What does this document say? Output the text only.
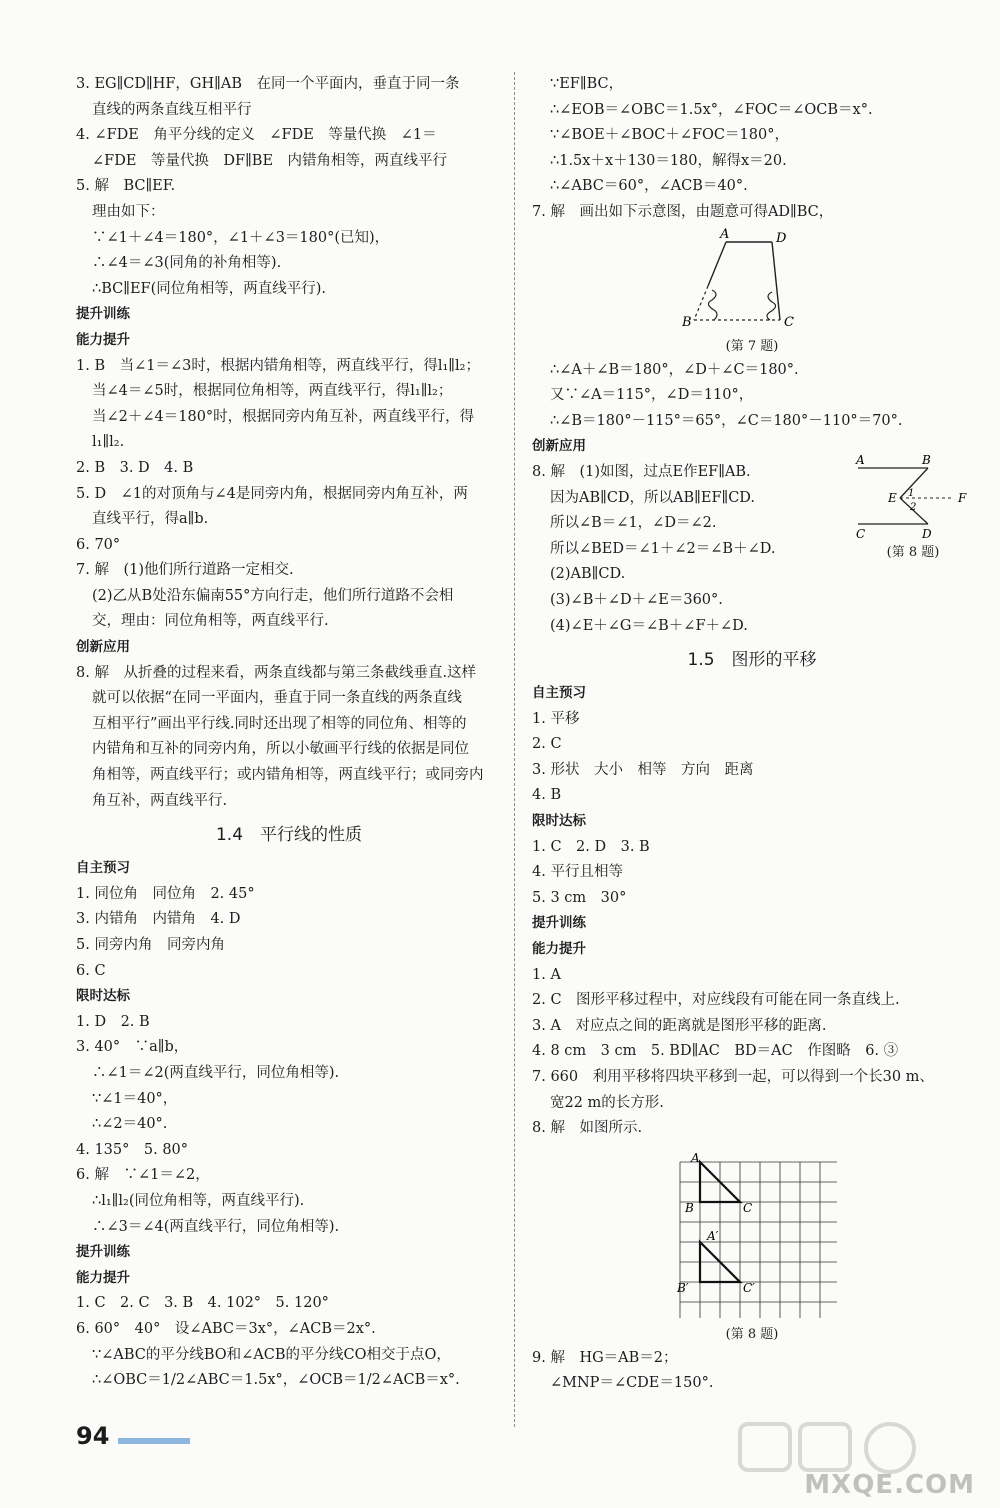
3. EG∥CD∥HF，GH∥AB　在同一个平面内，垂直于同一条
直线的两条直线互相平行
4. ∠FDE　角平分线的定义　∠FDE　等量代换　∠1＝
∠FDE　等量代换　DF∥BE　内错角相等，两直线平行
5. 解　BC∥EF.
理由如下：
∵∠1＋∠4＝180°，∠1＋∠3＝180°(已知)，
∴∠4＝∠3(同角的补角相等).
∴BC∥EF(同位角相等，两直线平行).
提升训练
能力提升
1. B　当∠1＝∠3时，根据内错角相等，两直线平行，得l₁∥l₂；
当∠4＝∠5时，根据同位角相等，两直线平行，得l₁∥l₂；
当∠2＋∠4＝180°时，根据同旁内角互补，两直线平行，得
l₁∥l₂.
2. B　3. D　4. B
5. D　∠1的对顶角与∠4是同旁内角，根据同旁内角互补，两
直线平行，得a∥b.
6. 70°
7. 解　(1)他们所行道路一定相交.
(2)乙从B处沿东偏南55°方向行走，他们所行道路不会相
交，理由：同位角相等，两直线平行.
创新应用
8. 解　从折叠的过程来看，两条直线都与第三条截线垂直.这样
就可以依据“在同一平面内，垂直于同一条直线的两条直线
互相平行”画出平行线.同时还出现了相等的同位角、相等的
内错角和互补的同旁内角，所以小敏画平行线的依据是同位
角相等，两直线平行；或内错角相等，两直线平行；或同旁内
角互补，两直线平行.
1.4　平行线的性质
自主预习
1. 同位角　同位角　2. 45°
3. 内错角　内错角　4. D
5. 同旁内角　同旁内角
6. C
限时达标
1. D　2. B
3. 40°　∵a∥b，
∴∠1＝∠2(两直线平行，同位角相等).
∵∠1＝40°，
∴∠2＝40°.
4. 135°　5. 80°
6. 解　∵∠1＝∠2，
∴l₁∥l₂(同位角相等，两直线平行).
∴∠3＝∠4(两直线平行，同位角相等).
提升训练
能力提升
1. C　2. C　3. B　4. 102°　5. 120°
6. 60°　40°　设∠ABC＝3x°，∠ACB＝2x°.
∵∠ABC的平分线BO和∠ACB的平分线CO相交于点O，
∴∠OBC＝1/2∠ABC＝1.5x°，∠OCB＝1/2∠ACB＝x°.
∵EF∥BC，
∴∠EOB＝∠OBC＝1.5x°，∠FOC＝∠OCB＝x°.
∵∠BOE＋∠BOC＋∠FOC＝180°，
∴1.5x＋x＋130＝180，解得x＝20.
∴∠ABC＝60°，∠ACB＝40°.
7. 解　画出如下示意图，由题意可得AD∥BC，
A	D
B	C
(第 7 题)
∴∠A＋∠B＝180°，∠D＋∠C＝180°.
又∵∠A＝115°，∠D＝110°，
∴∠B＝180°－115°＝65°，∠C＝180°－110°＝70°.
创新应用
8. 解　(1)如图，过点E作EF∥AB.
因为AB∥CD，所以AB∥EF∥CD.
所以∠B＝∠1，∠D＝∠2.
所以∠BED＝∠1＋∠2＝∠B＋∠D.
(2)AB∥CD.
(3)∠B＋∠D＋∠E＝360°.
(4)∠E＋∠G＝∠B＋∠F＋∠D.
A	B
E 1
2
F
C	D
(第 8 题)
1.5　图形的平移
自主预习
1. 平移
2. C
3. 形状　大小　相等　方向　距离
4. B
限时达标
1. C　2. D　3. B
4. 平行且相等
5. 3 cm　30°
提升训练
能力提升
1. A
2. C　图形平移过程中，对应线段有可能在同一条直线上.
3. A　对应点之间的距离就是图形平移的距离.
4. 8 cm　3 cm　5. BD∥AC　BD＝AC　作图略　6. ③
7. 660　利用平移将四块平移到一起，可以得到一个长30 m、
宽22 m的长方形.
8. 解　如图所示.
A
B	C
A′
B′	C′
(第 8 题)
9. 解　HG＝AB＝2；
∠MNP＝∠CDE＝150°.
94
MXQE.COM
